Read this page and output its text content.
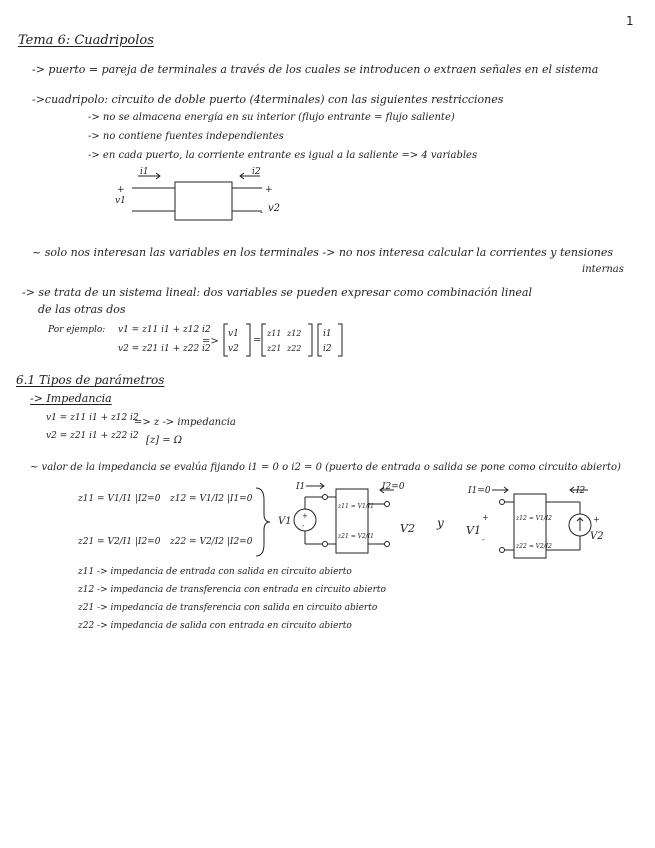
1
Tema 6: Cuadripolos
-> puerto = pareja de terminales a través de los cuales se introducen o extraen señales en el sistema
->cuadripolo: circuito de doble puerto (4terminales) con las siguientes restricciones
-> no se almacena energía en su interior (flujo entrante = flujo saliente)
-> no contiene fuentes independientes
-> en cada puerto, la corriente entrante es igual a la saliente => 4 variables
i1	i2
+
v1
+
- v2
~ solo nos interesan las variables en los terminales -> no nos interesa calcular la corrientes y tensiones
internas
-> se trata de un sistema lineal: dos variables se pueden expresar como combinación lineal
de las otras dos
Por ejemplo: v1 = z11 i1 + z12 i2
v2 = z21 i1 + z22 i2
=>
v1
v2
=
z11 z12
z21 z22
i1
i2
6.1 Tipos de parámetros
-> Impedancia
v1 = z11 i1 + z12 i2
v2 = z21 i1 + z22 i2
=> z -> impedancia
[z] = Ω
~ valor de la impedancia se evalúa fijando i1 = 0 o i2 = 0 (puerto de entrada o salida se pone como circuito abierto)
z11 = V1/I1 |I2=0 z12 = V1/I2 |I1=0
z21 = V2/I1 |I2=0 z22 = V2/I2 |I2=0
I1	I2=0
+
-
V1
z11 = V1/I1
z21 = V2/I1
V2 y
I1=0	I2
+
V1
-
z12 = V1/I2
z22 = V2/I2
+
V2
z11 -> impedancia de entrada con salida en circuito abierto
z12 -> impedancia de transferencia con entrada en circuito abierto
z21 -> impedancia de transferencia con salida en circuito abierto
z22 -> impedancia de salida con entrada en circuito abierto
